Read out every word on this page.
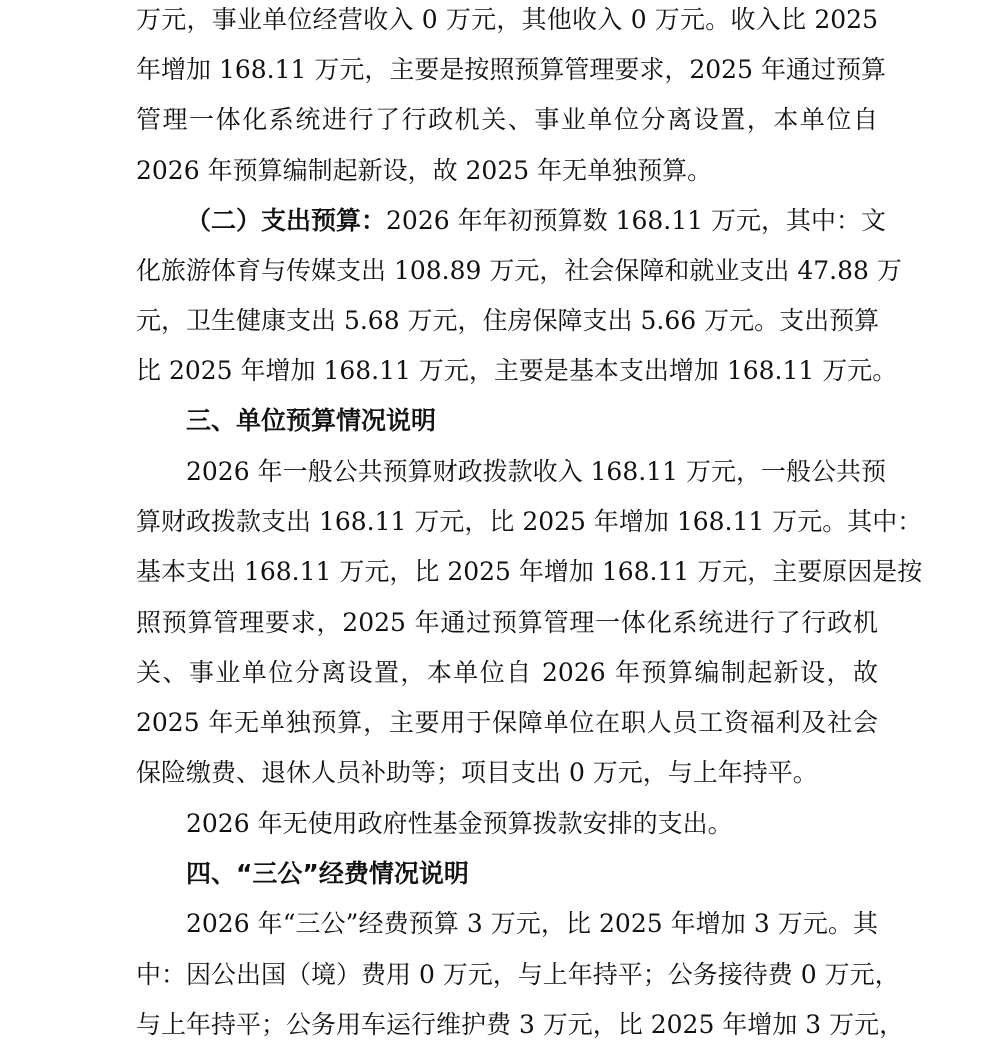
万元，事业单位经营收入 0 万元，其他收入 0 万元。收入比 2025
年增加 168.11 万元，主要是按照预算管理要求，2025 年通过预算
管理一体化系统进行了行政机关、事业单位分离设置，本单位自
2026 年预算编制起新设，故 2025 年无单独预算。
（二）支出预算：2026 年年初预算数 168.11 万元，其中：文
化旅游体育与传媒支出 108.89 万元，社会保障和就业支出 47.88 万
元，卫生健康支出 5.68 万元，住房保障支出 5.66 万元。支出预算
比 2025 年增加 168.11 万元，主要是基本支出增加 168.11 万元。
三、单位预算情况说明
2026 年一般公共预算财政拨款收入 168.11 万元，一般公共预
算财政拨款支出 168.11 万元，比 2025 年增加 168.11 万元。其中：
基本支出 168.11 万元，比 2025 年增加 168.11 万元，主要原因是按
照预算管理要求，2025 年通过预算管理一体化系统进行了行政机
关、事业单位分离设置，本单位自 2026 年预算编制起新设，故
2025 年无单独预算，主要用于保障单位在职人员工资福利及社会
保险缴费、退休人员补助等；项目支出 0 万元，与上年持平。
2026 年无使用政府性基金预算拨款安排的支出。
四、“三公”经费情况说明
2026 年“三公”经费预算 3 万元，比 2025 年增加 3 万元。其
中：因公出国（境）费用 0 万元，与上年持平；公务接待费 0 万元，
与上年持平；公务用车运行维护费 3 万元，比 2025 年增加 3 万元，
